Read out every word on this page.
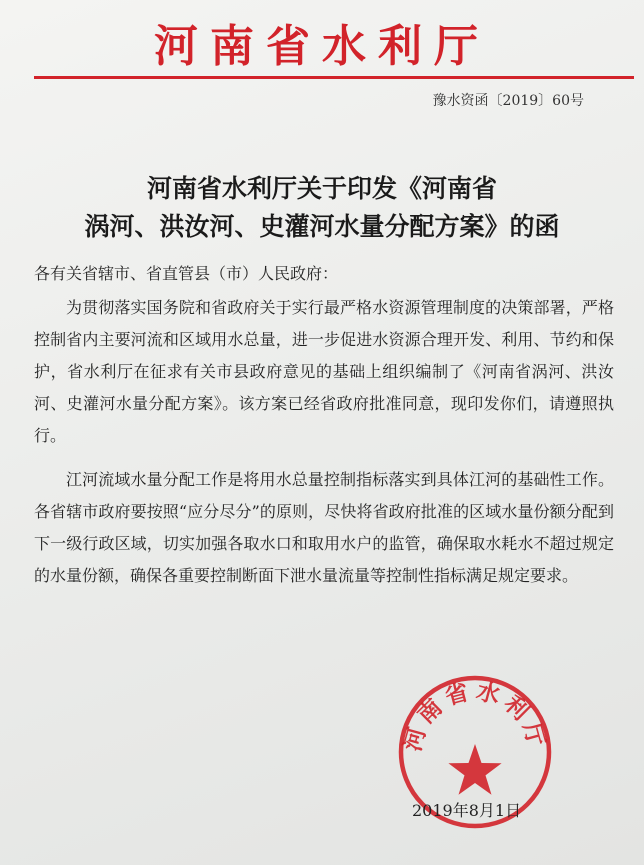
河南省水利厅
豫水资函〔2019〕60号
河南省水利厅关于印发《河南省
涡河、洪汝河、史灌河水量分配方案》的函
各有关省辖市、省直管县（市）人民政府：

为贯彻落实国务院和省政府关于实行最严格水资源管理制度的决策部署，严格控制省内主要河流和区域用水总量，进一步促进水资源合理开发、利用、节约和保护，省水利厅在征求有关市县政府意见的基础上组织编制了《河南省涡河、洪汝河、史灌河水量分配方案》。该方案已经省政府批准同意，现印发你们，请遵照执行。

江河流域水量分配工作是将用水总量控制指标落实到具体江河的基础性工作。各省辖市政府要按照“应分尽分”的原则，尽快将省政府批准的区域水量份额分配到下一级行政区域，切实加强各取水口和取用水户的监管，确保取水耗水不超过规定的水量份额，确保各重要控制断面下泄水量流量等控制性指标满足规定要求。

河南省水利厅
2019年8月1日
